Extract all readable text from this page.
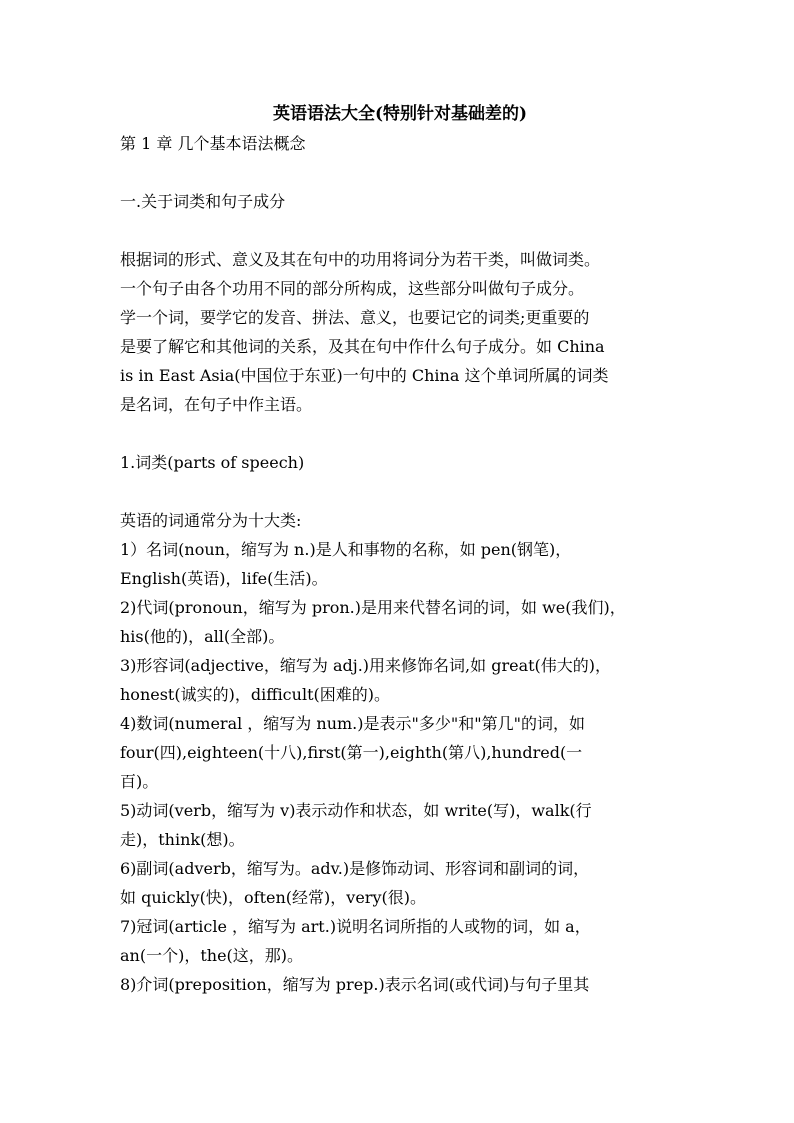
英语语法大全(特别针对基础差的)

第 1 章 几个基本语法概念

一.关于词类和句子成分

根据词的形式、意义及其在句中的功用将词分为若干类，叫做词类。

一个句子由各个功用不同的部分所构成，这些部分叫做句子成分。

学一个词，要学它的发音、拼法、意义，也要记它的词类;更重要的

是要了解它和其他词的关系，及其在句中作什么句子成分。如 China

is in East Asia(中国位于东亚)一句中的 China 这个单词所属的词类

是名词，在句子中作主语。

1.词类(parts of speech)

英语的词通常分为十大类:

1）名词(noun，缩写为 n.)是人和事物的名称，如 pen(钢笔)，

English(英语)，life(生活)。

2)代词(pronoun，缩写为 pron.)是用来代替名词的词，如 we(我们)，

his(他的)，all(全部)。

3)形容词(adjective，缩写为 adj.)用来修饰名词,如 great(伟大的)，

honest(诚实的)，difficult(困难的)。

4)数词(numeral ，缩写为 num.)是表示"多少"和"第几"的词，如

four(四),eighteen(十八),first(第一),eighth(第八),hundred(一

百)。

5)动词(verb，缩写为 v)表示动作和状态，如 write(写)，walk(行

走)，think(想)。

6)副词(adverb，缩写为。adv.)是修饰动词、形容词和副词的词，

如 quickly(快)，often(经常)，very(很)。

7)冠词(article ，缩写为 art.)说明名词所指的人或物的词，如 a，

an(一个)，the(这，那)。

8)介词(preposition，缩写为 prep.)表示名词(或代词)与句子里其
